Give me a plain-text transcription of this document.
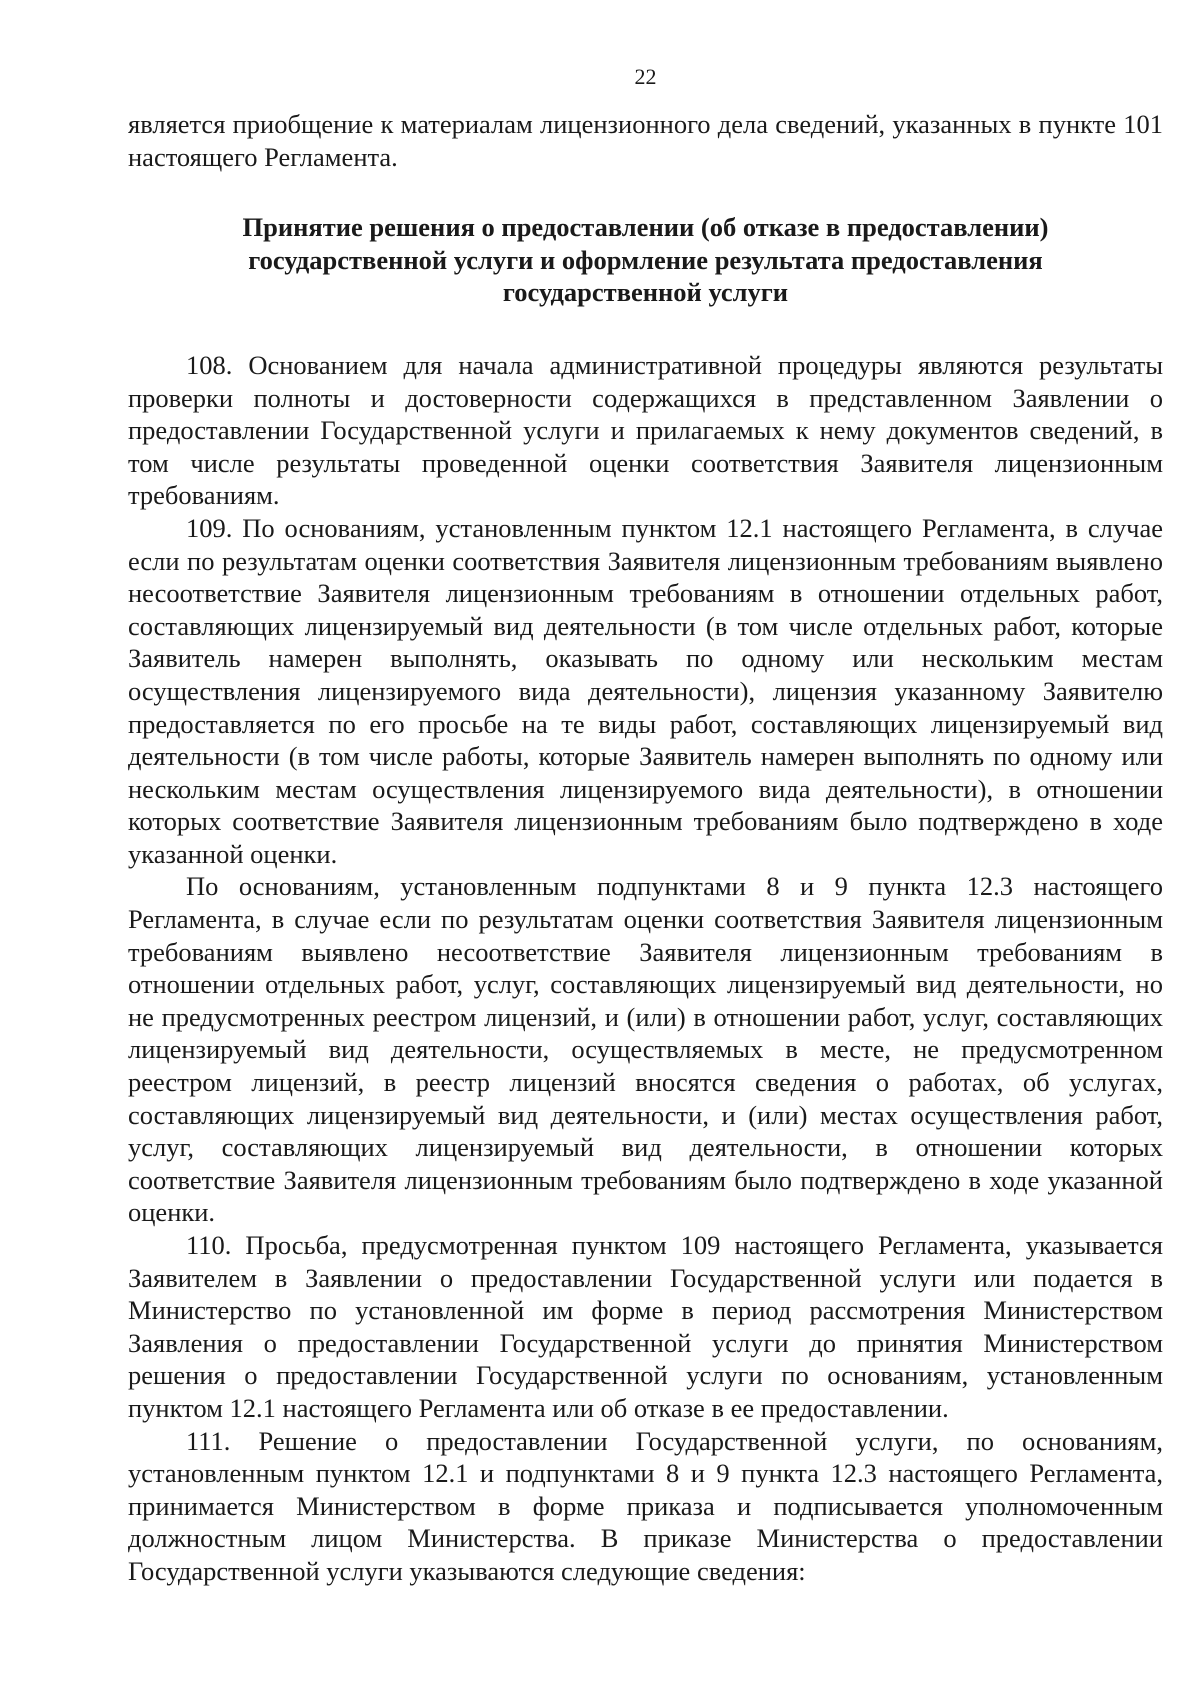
22

является приобщение к материалам лицензионного дела сведений, указанных в пункте 101 настоящего Регламента.

Принятие решения о предоставлении (об отказе в предоставлении)
государственной услуги и оформление результата предоставления
государственной услуги

108. Основанием для начала административной процедуры являются результаты проверки полноты и достоверности содержащихся в представленном Заявлении о предоставлении Государственной услуги и прилагаемых к нему документов сведений, в том числе результаты проведенной оценки соответствия Заявителя лицензионным требованиям.

109. По основаниям, установленным пунктом 12.1 настоящего Регламента, в случае если по результатам оценки соответствия Заявителя лицензионным требованиям выявлено несоответствие Заявителя лицензионным требованиям в отношении отдельных работ, составляющих лицензируемый вид деятельности (в том числе отдельных работ, которые Заявитель намерен выполнять, оказывать по одному или нескольким местам осуществления лицензируемого вида деятельности), лицензия указанному Заявителю предоставляется по его просьбе на те виды работ, составляющих лицензируемый вид деятельности (в том числе работы, которые Заявитель намерен выполнять по одному или нескольким местам осуществления лицензируемого вида деятельности), в отношении которых соответствие Заявителя лицензионным требованиям было подтверждено в ходе указанной оценки.

По основаниям, установленным подпунктами 8 и 9 пункта 12.3 настоящего Регламента, в случае если по результатам оценки соответствия Заявителя лицензионным требованиям выявлено несоответствие Заявителя лицензионным требованиям в отношении отдельных работ, услуг, составляющих лицензируемый вид деятельности, но не предусмотренных реестром лицензий, и (или) в отношении работ, услуг, составляющих лицензируемый вид деятельности, осуществляемых в месте, не предусмотренном реестром лицензий, в реестр лицензий вносятся сведения о работах, об услугах, составляющих лицензируемый вид деятельности, и (или) местах осуществления работ, услуг, составляющих лицензируемый вид деятельности, в отношении которых соответствие Заявителя лицензионным требованиям было подтверждено в ходе указанной оценки.

110. Просьба, предусмотренная пунктом 109 настоящего Регламента, указывается Заявителем в Заявлении о предоставлении Государственной услуги или подается в Министерство по установленной им форме в период рассмотрения Министерством Заявления о предоставлении Государственной услуги до принятия Министерством решения о предоставлении Государственной услуги по основаниям, установленным пунктом 12.1 настоящего Регламента или об отказе в ее предоставлении.

111. Решение о предоставлении Государственной услуги, по основаниям, установленным пунктом 12.1 и подпунктами 8 и 9 пункта 12.3 настоящего Регламента, принимается Министерством в форме приказа и подписывается уполномоченным должностным лицом Министерства. В приказе Министерства о предоставлении Государственной услуги указываются следующие сведения:
